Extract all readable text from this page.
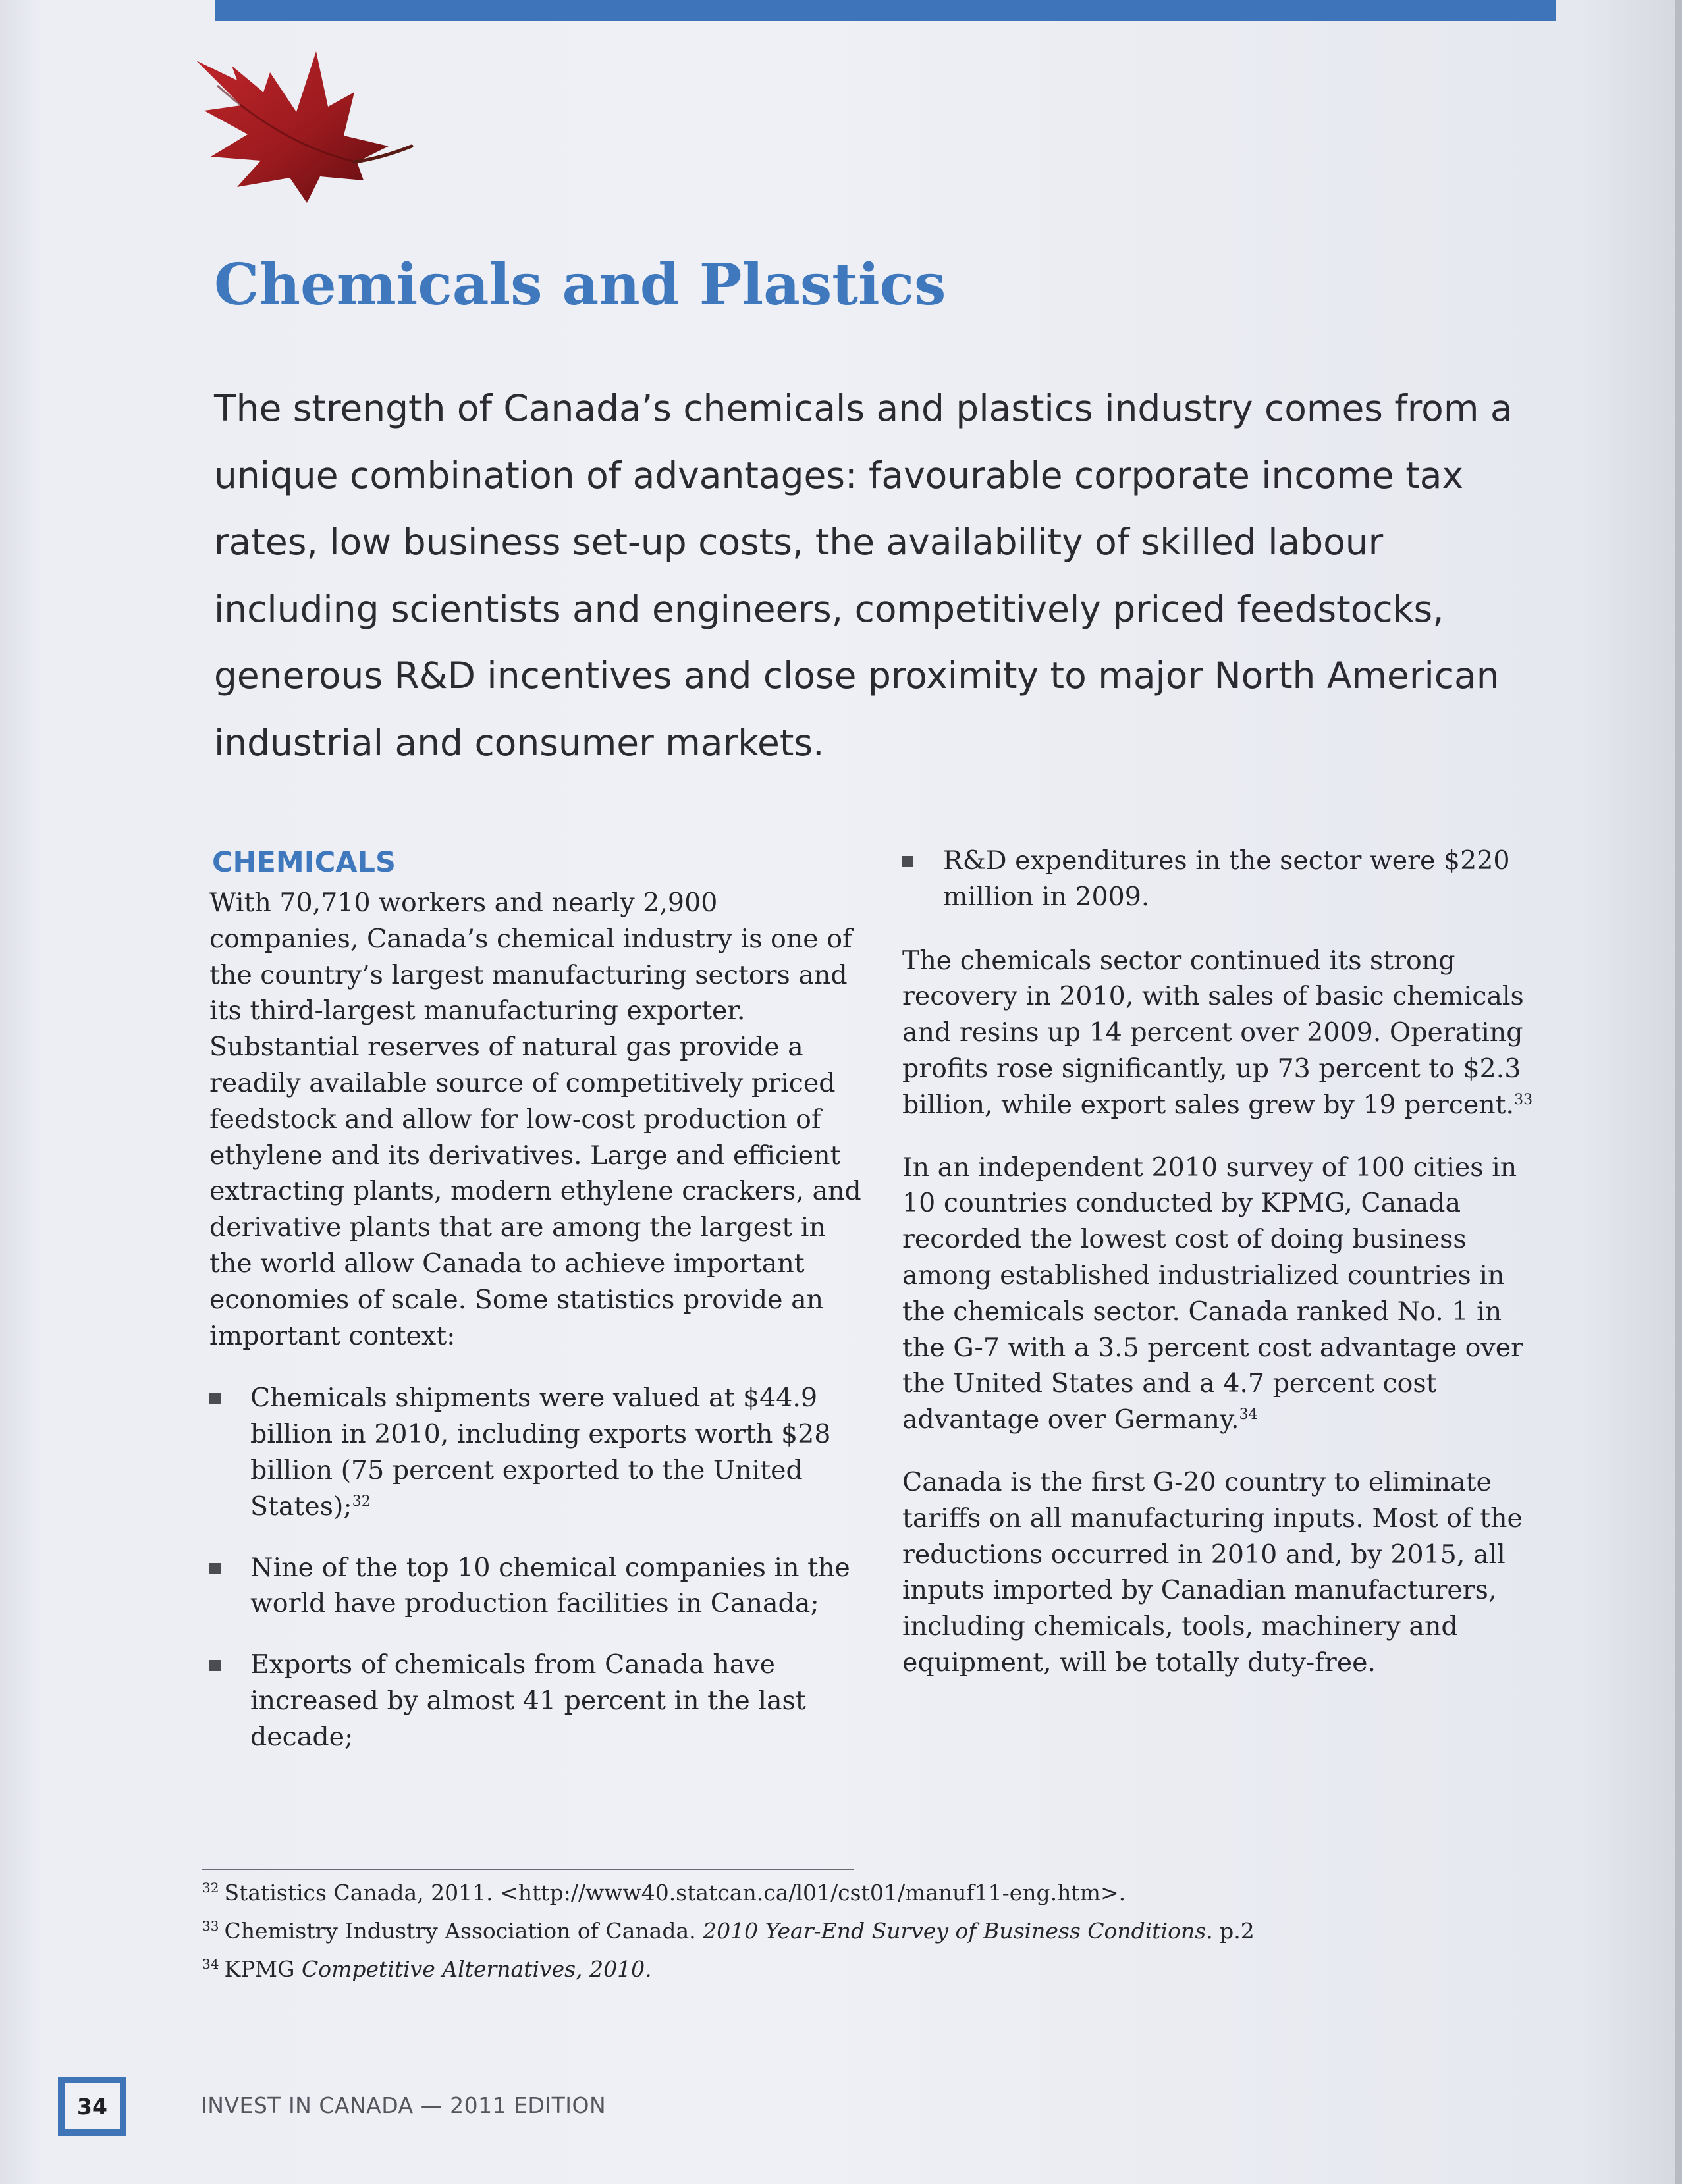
Chemicals and Plastics

The strength of Canada’s chemicals and plastics industry comes from a unique combination of advantages: favourable corporate income tax rates, low business set-up costs, the availability of skilled labour including scientists and engineers, competitively priced feedstocks, generous R&D incentives and close proximity to major North American industrial and consumer markets.

CHEMICALS

With 70,710 workers and nearly 2,900 companies, Canada’s chemical industry is one of the country’s largest manufacturing sectors and its third-largest manufacturing exporter. Substantial reserves of natural gas provide a readily available source of competitively priced feedstock and allow for low-cost production of ethylene and its derivatives. Large and efficient extracting plants, modern ethylene crackers, and derivative plants that are among the largest in the world allow Canada to achieve important economies of scale. Some statistics provide an important context:

Chemicals shipments were valued at $44.9 billion in 2010, including exports worth $28 billion (75 percent exported to the United States);$^{32}$
Nine of the top 10 chemical companies in the world have production facilities in Canada;
Exports of chemicals from Canada have increased by almost 41 percent in the last decade;
R&D expenditures in the sector were $220 million in 2009.

The chemicals sector continued its strong recovery in 2010, with sales of basic chemicals and resins up 14 percent over 2009. Operating profits rose significantly, up 73 percent to $2.3 billion, while export sales grew by 19 percent.$^{33}$

In an independent 2010 survey of 100 cities in 10 countries conducted by KPMG, Canada recorded the lowest cost of doing business among established industrialized countries in the chemicals sector. Canada ranked No. 1 in the G-7 with a 3.5 percent cost advantage over the United States and a 4.7 percent cost advantage over Germany.$^{34}$

Canada is the first G-20 country to eliminate tariffs on all manufacturing inputs. Most of the reductions occurred in 2010 and, by 2015, all inputs imported by Canadian manufacturers, including chemicals, tools, machinery and equipment, will be totally duty-free.

$^{32}$ Statistics Canada, 2011. <http://www40.statcan.ca/l01/cst01/manuf11-eng.htm>.

$^{33}$ Chemistry Industry Association of Canada. 2010 Year-End Survey of Business Conditions. p.2

$^{34}$ KPMG Competitive Alternatives, 2010.

34	INVEST IN CANADA — 2011 EDITION
